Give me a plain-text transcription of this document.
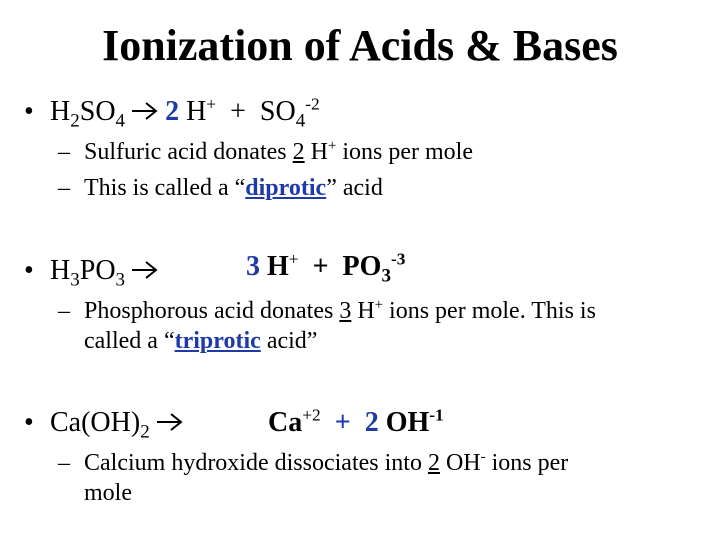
Ionization of Acids & Bases
• $H_2SO_4 \to 2$ $H^+ + SO_4^{-2}$
– Sulfuric acid donates 2 H+ ions per mole
– This is called a “diprotic” acid
• $H_3PO_3$ →	3 $H^+ + PO_3^{-3}$
– Phosphorous acid donates 3 H+ ions per mole. This is
called a “triprotic acid”
• $Ca(OH)_2$ →	$Ca^{+2} + 2$ $OH^{-1}$
– Calcium hydroxide dissociates into 2 OH- ions per
mole
